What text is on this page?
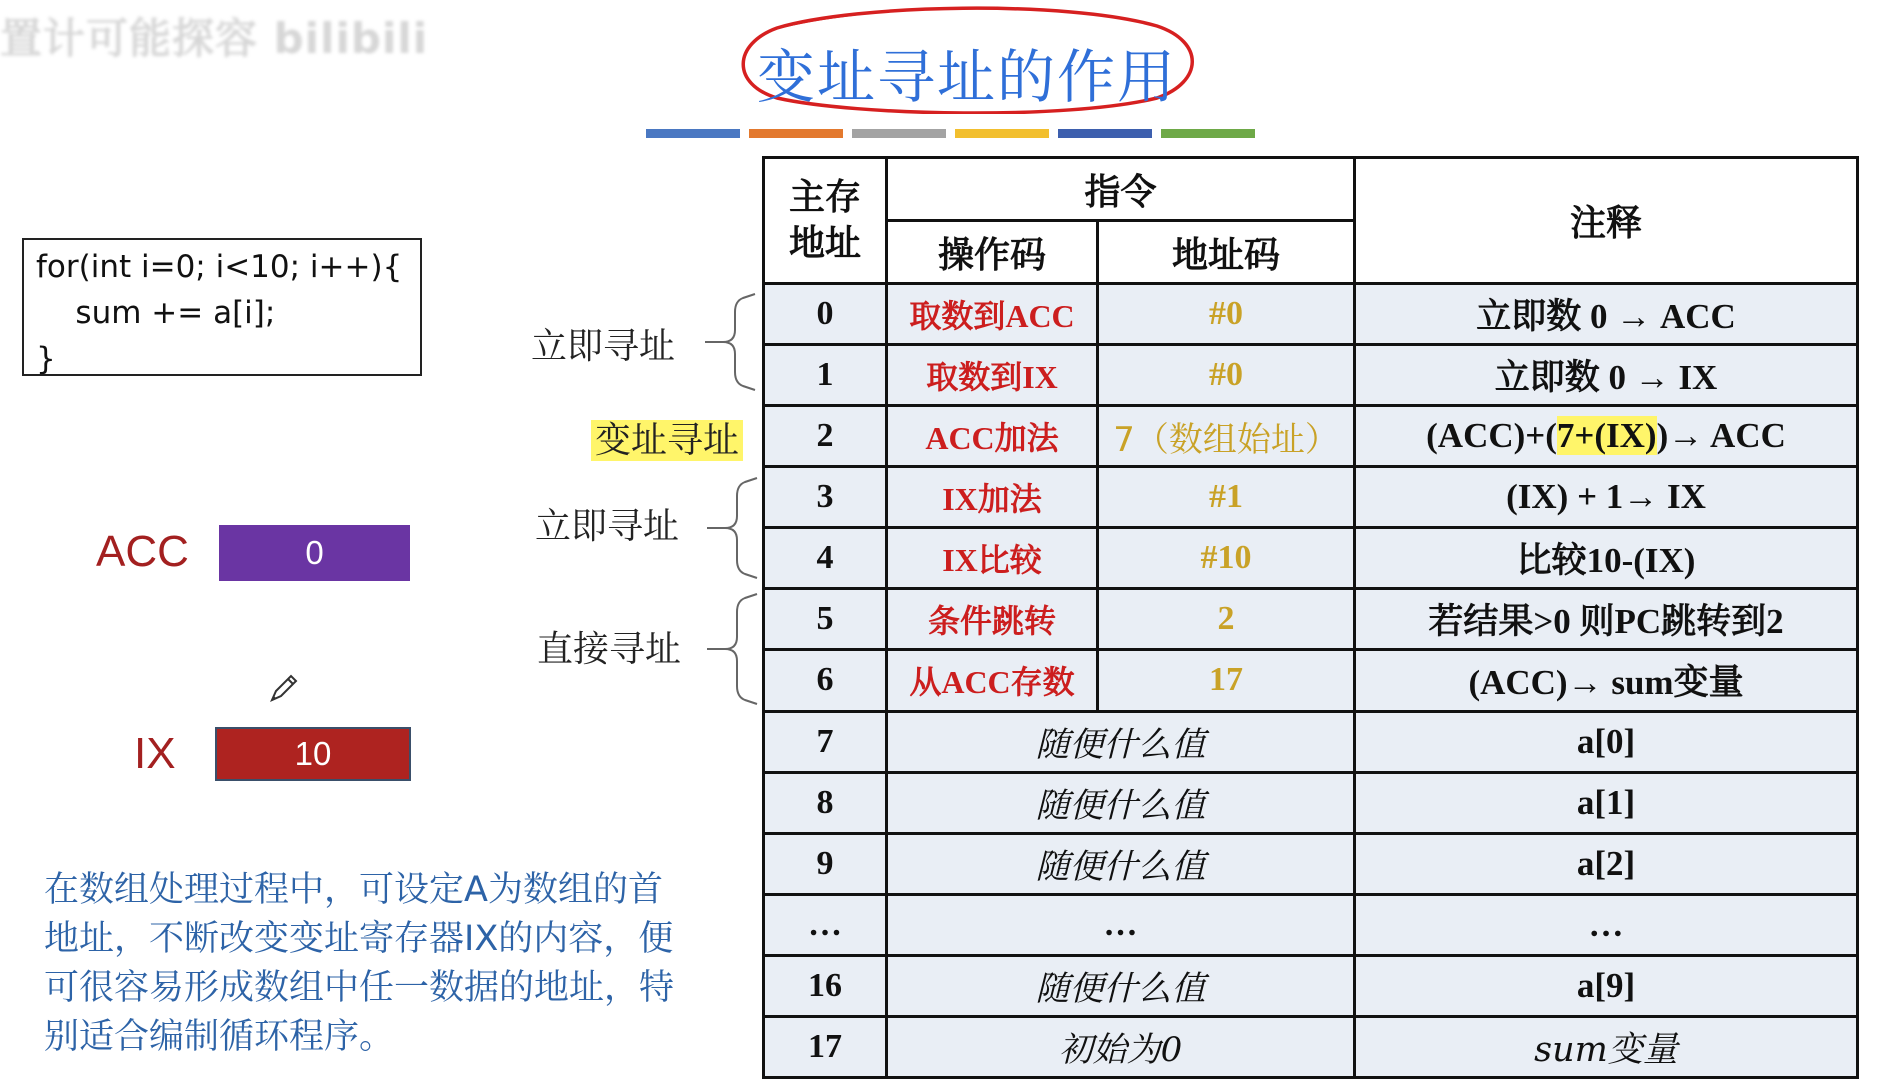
置计可能探容 bilibili
变址寻址的作用
for(int i=0; i<10; i++){
sum += a[i];
}	立即寻址
变址寻址
立即寻址
直接寻址
ACC	0
IX	10
在数组处理过程中，可设定A为数组的首地址，不断改变变址寄存器IX的内容，便可很容易形成数组中任一数据的地址，特别适合编制循环程序。
主存地址	指令		注释
	操作码	地址码	
0	取数到ACC	#0	立即数 0 → ACC
1	取数到IX	#0	立即数 0 → IX
2	ACC加法	7（数组始址）	(ACC)+(7+(IX))→ ACC
3	IX加法	#1	(IX) + 1→ IX
4	IX比较	#10	比较10-(IX)
5	条件跳转	2	若结果>0 则PC跳转到2
6	从ACC存数	17	(ACC)→ sum变量
7	随便什么值		a[0]
8	随便什么值		a[1]
9	随便什么值		a[2]
…	…		…
16	随便什么值		a[9]
17	初始为0		sum变量
